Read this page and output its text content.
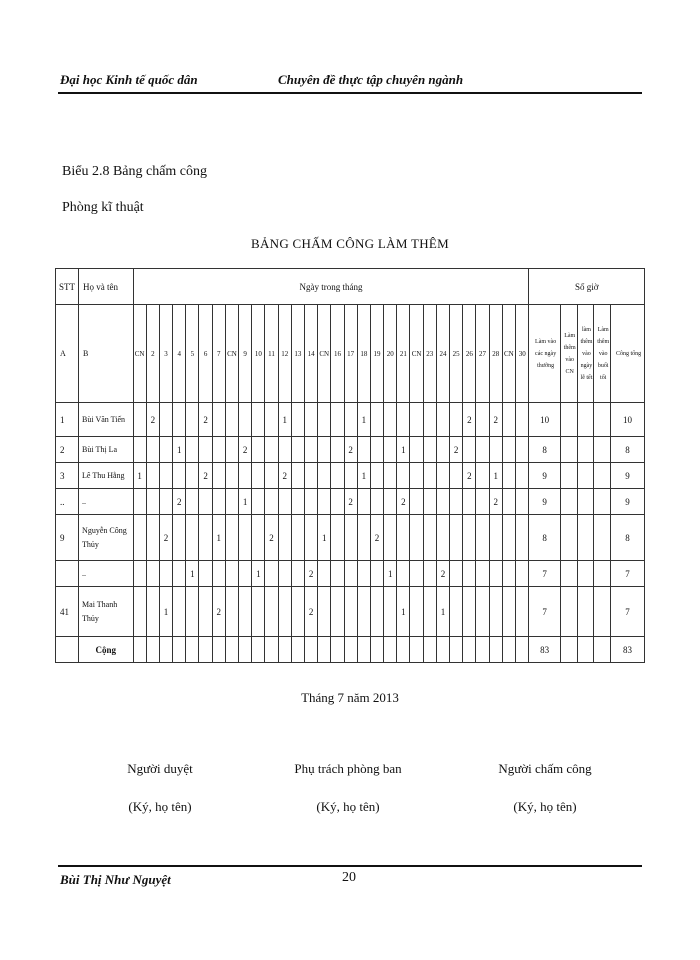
Đại học Kinh tế quốc dân	Chuyên đề thực tập chuyên ngành
Biểu 2.8 Bảng chấm công
Phòng kĩ thuật
BẢNG CHẤM CÔNG LÀM THÊM
STT	Họ và tên	Ngày trong tháng																														Số giờ				
A	B	CN	2	3	4	5	6	7	CN	9	10	11	12	13	14	CN	16	17	18	19	20	21	CN	23	24	25	26	27	28	CN	30	Làm vào các ngày thường	Làm thêm vào CN	làm thêm vào ngày lễ tết	Làm thêm vào buổi tối	Công tổng
1	Bùi Văn Tiến		2				2						1						1								2		2			10				10
2	Bùi Thị La				1					2								2				1				2						8				8
3	Lê Thu Hằng	1					2						2						1								2		1			9				9
..	..				2					1								2				2							2			9				9
9	Nguyễn Công Thủy			2				1				2				1				2												8				8
	..					1					1				2						1				2							7				7
41	Mai Thanh Thủy			1				2							2							1			1							7				7
	Cộng																															83				83
Tháng 7 năm 2013
Người duyệt
(Ký, họ tên)
Phụ trách phòng ban
(Ký, họ tên)
Người chấm công
(Ký, họ tên)
Bùi Thị Như Nguyệt	20
